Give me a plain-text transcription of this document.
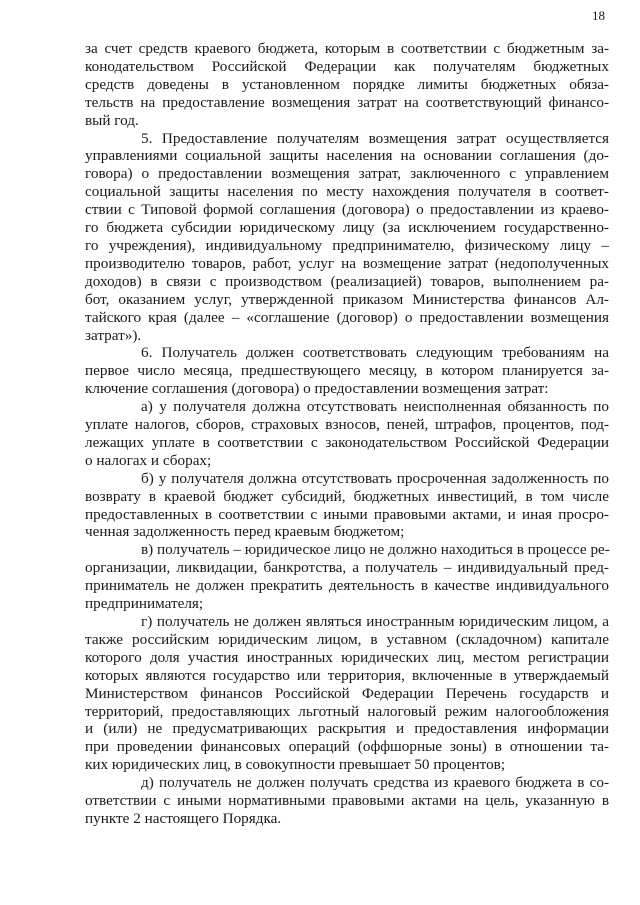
18

за счет средств краевого бюджета, которым в соответствии с бюджетным за-
конодательством Российской Федерации как получателям бюджетных
средств доведены в установленном порядке лимиты бюджетных обяза-
тельств на предоставление возмещения затрат на соответствующий финансо-
вый год.

5. Предоставление получателям возмещения затрат осуществляется
управлениями социальной защиты населения на основании соглашения (до-
говора) о предоставлении возмещения затрат, заключенного с управлением
социальной защиты населения по месту нахождения получателя в соответ-
ствии с Типовой формой соглашения (договора) о предоставлении из краево-
го бюджета субсидии юридическому лицу (за исключением государственно-
го учреждения), индивидуальному предпринимателю, физическому лицу –
производителю товаров, работ, услуг на возмещение затрат (недополученных
доходов) в связи с производством (реализацией) товаров, выполнением ра-
бот, оказанием услуг, утвержденной приказом Министерства финансов Ал-
тайского края (далее – «соглашение (договор) о предоставлении возмещения
затрат»).

6. Получатель должен соответствовать следующим требованиям на
первое число месяца, предшествующего месяцу, в котором планируется за-
ключение соглашения (договора) о предоставлении возмещения затрат:

а) у получателя должна отсутствовать неисполненная обязанность по
уплате налогов, сборов, страховых взносов, пеней, штрафов, процентов, под-
лежащих уплате в соответствии с законодательством Российской Федерации
о налогах и сборах;

б) у получателя должна отсутствовать просроченная задолженность по
возврату в краевой бюджет субсидий, бюджетных инвестиций, в том числе
предоставленных в соответствии с иными правовыми актами, и иная просро-
ченная задолженность перед краевым бюджетом;

в) получатель – юридическое лицо не должно находиться в процессе ре-
организации, ликвидации, банкротства, а получатель – индивидуальный пред-
приниматель не должен прекратить деятельность в качестве индивидуального
предпринимателя;

г) получатель не должен являться иностранным юридическим лицом, а
также российским юридическим лицом, в уставном (складочном) капитале
которого доля участия иностранных юридических лиц, местом регистрации
которых являются государство или территория, включенные в утверждаемый
Министерством финансов Российской Федерации Перечень государств и
территорий, предоставляющих льготный налоговый режим налогообложения
и (или) не предусматривающих раскрытия и предоставления информации
при проведении финансовых операций (оффшорные зоны) в отношении та-
ких юридических лиц, в совокупности превышает 50 процентов;

д) получатель не должен получать средства из краевого бюджета в со-
ответствии с иными нормативными правовыми актами на цель, указанную в
пункте 2 настоящего Порядка.
